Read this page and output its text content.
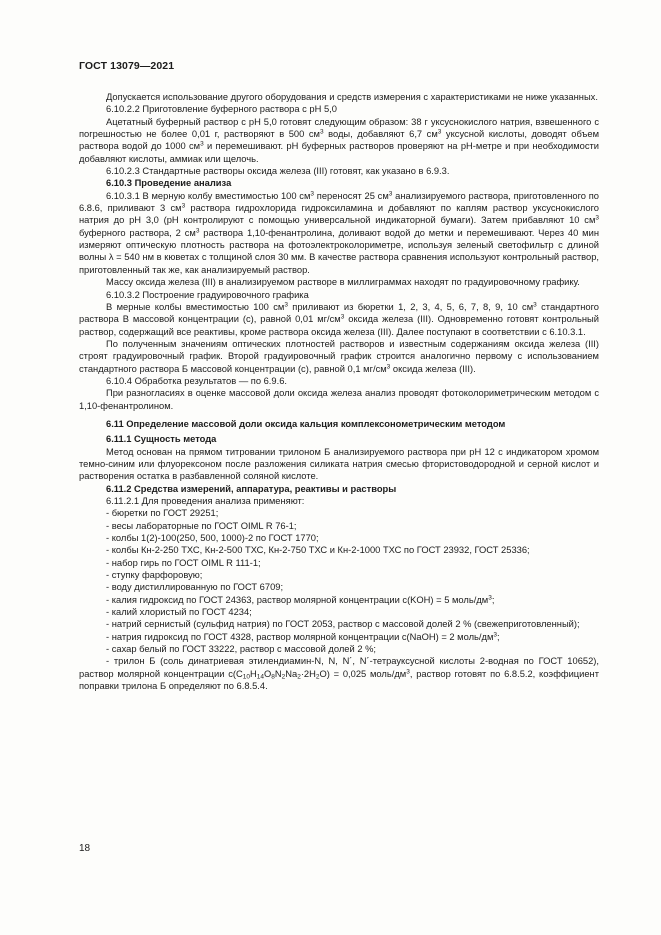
ГОСТ 13079—2021

Допускается использование другого оборудования и средств измерения с характеристиками не ниже указанных.

6.10.2.2 Приготовление буферного раствора с рН 5,0

Ацетатный буферный раствор с рН 5,0 готовят следующим образом: 38 г уксуснокислого натрия, взвешенного с погрешностью не более 0,01 г, растворяют в 500 $см^3$ воды, добавляют 6,7 $см^3$ уксусной кислоты, доводят объем раствора водой до 1000 $см^3$ и перемешивают. рН буферных растворов проверяют на рН-метре и при необходимости добавляют кислоты, аммиак или щелочь.

6.10.2.3 Стандартные растворы оксида железа (III) готовят, как указано в 6.9.3.

6.10.3 Проведение анализа

6.10.3.1 В мерную колбу вместимостью 100 $см^3$ переносят 25 $см^3$ анализируемого раствора, приготовленного по 6.8.6, приливают 3 $см^3$ раствора гидрохлорида гидроксиламина и добавляют по каплям раствор уксуснокислого натрия до рН 3,0 (рН контролируют с помощью универсальной индикаторной бумаги). Затем прибавляют 10 $см^3$ буферного раствора, 2 $см^3$ раствора 1,10-фенантролина, доливают водой до метки и перемешивают. Через 40 мин измеряют оптическую плотность раствора на фотоэлектроколориметре, используя зеленый светофильтр с длиной волны λ = 540 нм в кюветах с толщиной слоя 30 мм. В качестве раствора сравнения используют контрольный раствор, приготовленный так же, как анализируемый раствор.

Массу оксида железа (III) в анализируемом растворе в миллиграммах находят по градуировочному графику.

6.10.3.2 Построение градуировочного графика

В мерные колбы вместимостью 100 $см^3$ приливают из бюретки 1, 2, 3, 4, 5, 6, 7, 8, 9, 10 $см^3$ стандартного раствора В массовой концентрации (c), равной 0,01 $мг/см^3$ оксида железа (III). Одновременно готовят контрольный раствор, содержащий все реактивы, кроме раствора оксида железа (III). Далее поступают в соответствии с 6.10.3.1.

По полученным значениям оптических плотностей растворов и известным содержаниям оксида железа (III) строят градуировочный график. Второй градуировочный график строится аналогично первому с использованием стандартного раствора Б массовой концентрации (c), равной 0,1 $мг/см^3$ оксида железа (III).

6.10.4 Обработка результатов — по 6.9.6.

При разногласиях в оценке массовой доли оксида железа анализ проводят фотоколориметрическим методом с 1,10-фенантролином.

6.11 Определение массовой доли оксида кальция комплексонометрическим методом

6.11.1 Сущность метода

Метод основан на прямом титровании трилоном Б анализируемого раствора при рН 12 с индикатором хромом темно-синим или флуорексоном после разложения силиката натрия смесью фтористоводородной и серной кислот и растворения остатка в разбавленной соляной кислоте.

6.11.2 Средства измерений, аппаратура, реактивы и растворы

6.11.2.1 Для проведения анализа применяют:

- бюретки по ГОСТ 29251;

- весы лабораторные по ГОСТ OIML R 76-1;

- колбы 1(2)-100(250, 500, 1000)-2 по ГОСТ 1770;

- колбы Кн-2-250 ТХС, Кн-2-500 ТХС, Кн-2-750 ТХС и Кн-2-1000 ТХС по ГОСТ 23932, ГОСТ 25336;

- набор гирь по ГОСТ OIML R 111-1;

- ступку фарфоровую;

- воду дистиллированную по ГОСТ 6709;

- калия гидроксид по ГОСТ 24363, раствор молярной концентрации c(KOH) = 5 моль/$дм^3$;

- калий хлористый по ГОСТ 4234;

- натрий сернистый (сульфид натрия) по ГОСТ 2053, раствор с массовой долей 2 % (свежеприготовленный);

- натрия гидроксид по ГОСТ 4328, раствор молярной концентрации c(NaOH) = 2 моль/$дм^3$;

- сахар белый по ГОСТ 33222, раствор с массовой долей 2 %;

- трилон Б (соль динатриевая этилендиамин-N, N, N´, N´-тетрауксусной кислоты 2-водная по ГОСТ 10652), раствор молярной концентрации $c(C_{10}H_{14}O_8N_2Na_2\cdot 2H_2O) = 0,025$ моль/$дм^3$, раствор готовят по 6.8.5.2, коэффициент поправки трилона Б определяют по 6.8.5.4.

18
